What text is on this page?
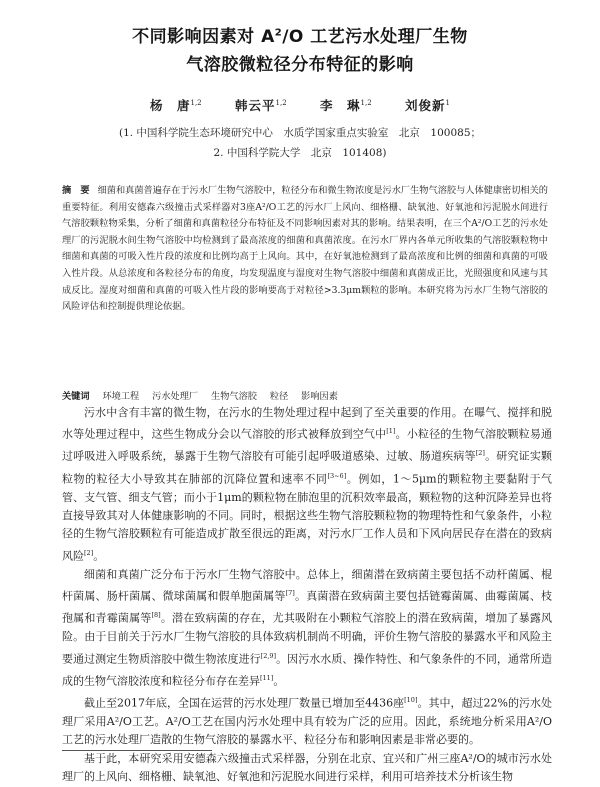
不同影响因素对 $A^2/O$ 工艺污水处理厂生物
气溶胶微粒径分布特征的影响
杨　唐$^{1,2}$	韩云平$^{1,2}$	李　琳$^{1,2}$	刘俊新$^1$
(1. 中国科学院生态环境研究中心　水质学国家重点实验室　北京　100085；
2. 中国科学院大学　北京　101408)
摘　要 细菌和真菌普遍存在于污水厂生物气溶胶中，粒径分布和微生物浓度是污水厂生物气溶胶与人体健康密切相关的重要特征。利用安德森六级撞击式采样器对3座A²/O工艺的污水厂上风向、细格栅、缺氧池、好氧池和污泥脱水间进行气溶胶颗粒物采集，分析了细菌和真菌粒径分布特征及不同影响因素对其的影响。结果表明，在三个A²/O工艺的污水处理厂的污泥脱水间生物气溶胶中均检测到了最高浓度的细菌和真菌浓度。在污水厂界内各单元所收集的气溶胶颗粒物中细菌和真菌的可吸入性片段的浓度和比例均高于上风向。其中，在好氧池检测到了最高浓度和比例的细菌和真菌的可吸入性片段。从总浓度和各粒径分布的角度，均发现温度与湿度对生物气溶胶中细菌和真菌成正比，光照强度和风速与其成反比。湿度对细菌和真菌的可吸入性片段的影响要高于对粒径>3.3μm颗粒的影响。本研究将为污水厂生物气溶胶的风险评估和控制提供理论依据。
关键词 环境工程 污水处理厂 生物气溶胶 粒径 影响因素

污水中含有丰富的微生物，在污水的生物处理过程中起到了至关重要的作用。在曝气、搅拌和脱水等处理过程中，这些生物成分会以气溶胶的形式被释放到空气中[1]。小粒径的生物气溶胶颗粒易通过呼吸进入呼吸系统，暴露于生物气溶胶有可能引起呼吸道感染、过敏、肠道疾病等[2]。研究证实颗粒物的粒径大小导致其在肺部的沉降位置和速率不同[3~6]。例如，1～5μm的颗粒物主要黏附于气管、支气管、细支气管；而小于1μm的颗粒物在肺泡里的沉积效率最高，颗粒物的这种沉降差异也将直接导致其对人体健康影响的不同。同时，根据这些生物气溶胶颗粒物的物理特性和气象条件，小粒径的生物气溶胶颗粒有可能造成扩散至很远的距离，对污水厂工作人员和下风向居民存在潜在的致病风险[2]。

细菌和真菌广泛分布于污水厂生物气溶胶中。总体上，细菌潜在致病菌主要包括不动杆菌属、棍杆菌属、肠杆菌属、微球菌属和假单胞菌属等[7]。真菌潜在致病菌主要包括链霉菌属、曲霉菌属、枝孢属和青霉菌属等[8]。潜在致病菌的存在，尤其吸附在小颗粒气溶胶上的潜在致病菌，增加了暴露风险。由于目前关于污水厂生物气溶胶的具体致病机制尚不明确，评价生物气溶胶的暴露水平和风险主要通过测定生物质溶胶中微生物浓度进行[2,9]。因污水水质、操作特性、和气象条件的不同，通常所造成的生物气溶胶浓度和粒径分布存在差异[11]。

截止至2017年底，全国在运营的污水处理厂数量已增加至4436座[10]。其中，超过22%的污水处理厂采用A²/O工艺。A²/O工艺在国内污水处理中具有较为广泛的应用。因此，系统地分析采用A²/O工艺的污水处理厂造散的生物气溶胶的暴露水平、粒径分布和影响因素是非常必要的。

基于此，本研究采用安德森六级撞击式采样器，分别在北京、宜兴和广州三座A²/O的城市污水处理厂的上风向、细格栅、缺氧池、好氧池和污泥脱水间进行采样，利用可培养技术分析该生物
